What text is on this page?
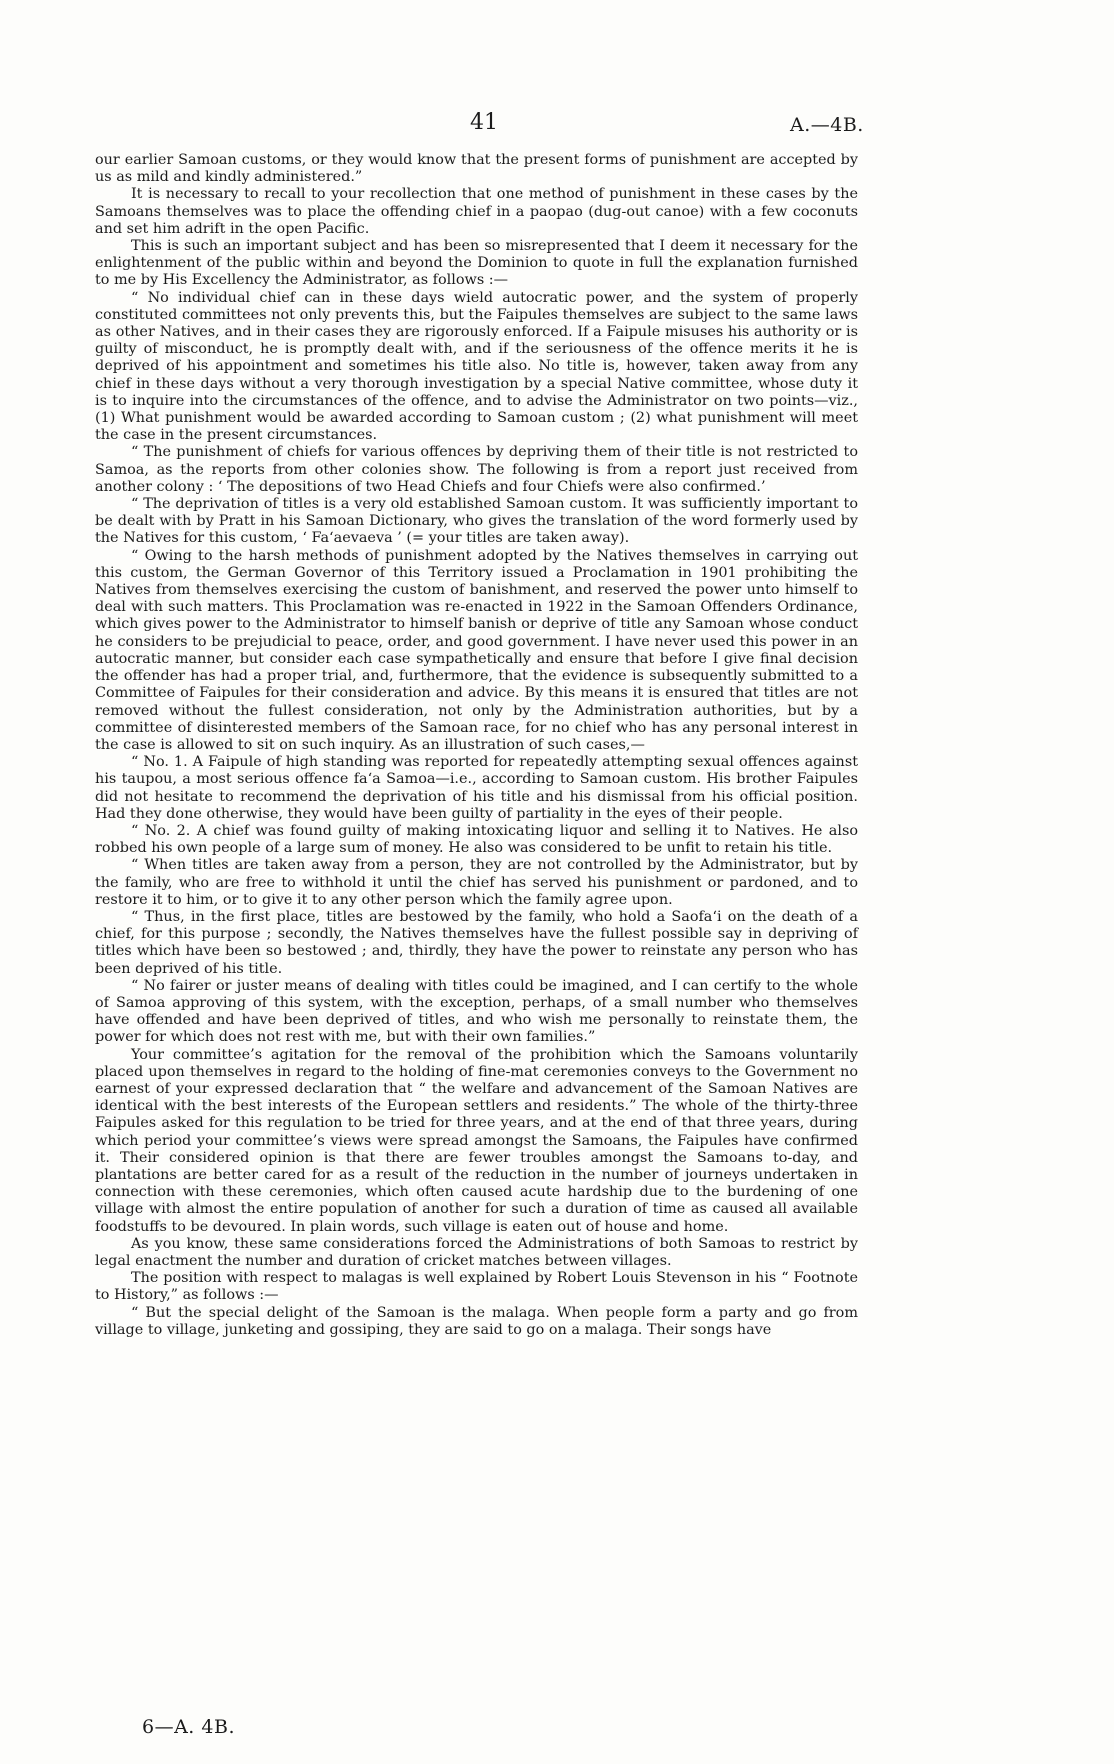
41	A.—4B.

our earlier Samoan customs, or they would know that the present forms of punishment are accepted by us as mild and kindly administered.”

It is necessary to recall to your recollection that one method of punishment in these cases by the Samoans themselves was to place the offending chief in a paopao (dug-out canoe) with a few coconuts and set him adrift in the open Pacific.

This is such an important subject and has been so misrepresented that I deem it necessary for the enlightenment of the public within and beyond the Dominion to quote in full the explanation furnished to me by His Excellency the Administrator, as follows :—

“ No individual chief can in these days wield autocratic power, and the system of properly constituted committees not only prevents this, but the Faipules themselves are subject to the same laws as other Natives, and in their cases they are rigorously enforced. If a Faipule misuses his authority or is guilty of misconduct, he is promptly dealt with, and if the seriousness of the offence merits it he is deprived of his appointment and sometimes his title also. No title is, however, taken away from any chief in these days without a very thorough investigation by a special Native committee, whose duty it is to inquire into the circumstances of the offence, and to advise the Administrator on two points—viz., (1) What punishment would be awarded according to Samoan custom ; (2) what punishment will meet the case in the present circumstances.

“ The punishment of chiefs for various offences by depriving them of their title is not restricted to Samoa, as the reports from other colonies show. The following is from a report just received from another colony : ‘ The depositions of two Head Chiefs and four Chiefs were also confirmed.’

“ The deprivation of titles is a very old established Samoan custom. It was sufficiently important to be dealt with by Pratt in his Samoan Dictionary, who gives the translation of the word formerly used by the Natives for this custom, ‘ Fa‘aevaeva ’ (= your titles are taken away).

“ Owing to the harsh methods of punishment adopted by the Natives themselves in carrying out this custom, the German Governor of this Territory issued a Proclamation in 1901 prohibiting the Natives from themselves exercising the custom of banishment, and reserved the power unto himself to deal with such matters. This Proclamation was re-enacted in 1922 in the Samoan Offenders Ordinance, which gives power to the Administrator to himself banish or deprive of title any Samoan whose conduct he considers to be prejudicial to peace, order, and good government. I have never used this power in an autocratic manner, but consider each case sympathetically and ensure that before I give final decision the offender has had a proper trial, and, furthermore, that the evidence is subsequently submitted to a Committee of Faipules for their consideration and advice. By this means it is ensured that titles are not removed without the fullest consideration, not only by the Administration authorities, but by a committee of disinterested members of the Samoan race, for no chief who has any personal interest in the case is allowed to sit on such inquiry. As an illustration of such cases,—

“ No. 1. A Faipule of high standing was reported for repeatedly attempting sexual offences against his taupou, a most serious offence fa‘a Samoa—i.e., according to Samoan custom. His brother Faipules did not hesitate to recommend the deprivation of his title and his dismissal from his official position. Had they done otherwise, they would have been guilty of partiality in the eyes of their people.

“ No. 2. A chief was found guilty of making intoxicating liquor and selling it to Natives. He also robbed his own people of a large sum of money. He also was considered to be unfit to retain his title.

“ When titles are taken away from a person, they are not controlled by the Administrator, but by the family, who are free to withhold it until the chief has served his punishment or pardoned, and to restore it to him, or to give it to any other person which the family agree upon.

“ Thus, in the first place, titles are bestowed by the family, who hold a Saofa‘i on the death of a chief, for this purpose ; secondly, the Natives themselves have the fullest possible say in depriving of titles which have been so bestowed ; and, thirdly, they have the power to reinstate any person who has been deprived of his title.

“ No fairer or juster means of dealing with titles could be imagined, and I can certify to the whole of Samoa approving of this system, with the exception, perhaps, of a small number who themselves have offended and have been deprived of titles, and who wish me personally to reinstate them, the power for which does not rest with me, but with their own families.”

Your committee’s agitation for the removal of the prohibition which the Samoans voluntarily placed upon themselves in regard to the holding of fine-mat ceremonies conveys to the Government no earnest of your expressed declaration that “ the welfare and advancement of the Samoan Natives are identical with the best interests of the European settlers and residents.” The whole of the thirty-three Faipules asked for this regulation to be tried for three years, and at the end of that three years, during which period your committee’s views were spread amongst the Samoans, the Faipules have confirmed it. Their considered opinion is that there are fewer troubles amongst the Samoans to-day, and plantations are better cared for as a result of the reduction in the number of journeys undertaken in connection with these ceremonies, which often caused acute hardship due to the burdening of one village with almost the entire population of another for such a duration of time as caused all available foodstuffs to be devoured. In plain words, such village is eaten out of house and home.

As you know, these same considerations forced the Administrations of both Samoas to restrict by legal enactment the number and duration of cricket matches between villages.

The position with respect to malagas is well explained by Robert Louis Stevenson in his “ Footnote to History,” as follows :—

“ But the special delight of the Samoan is the malaga. When people form a party and go from village to village, junketing and gossiping, they are said to go on a malaga. Their songs have

6—A. 4B.
